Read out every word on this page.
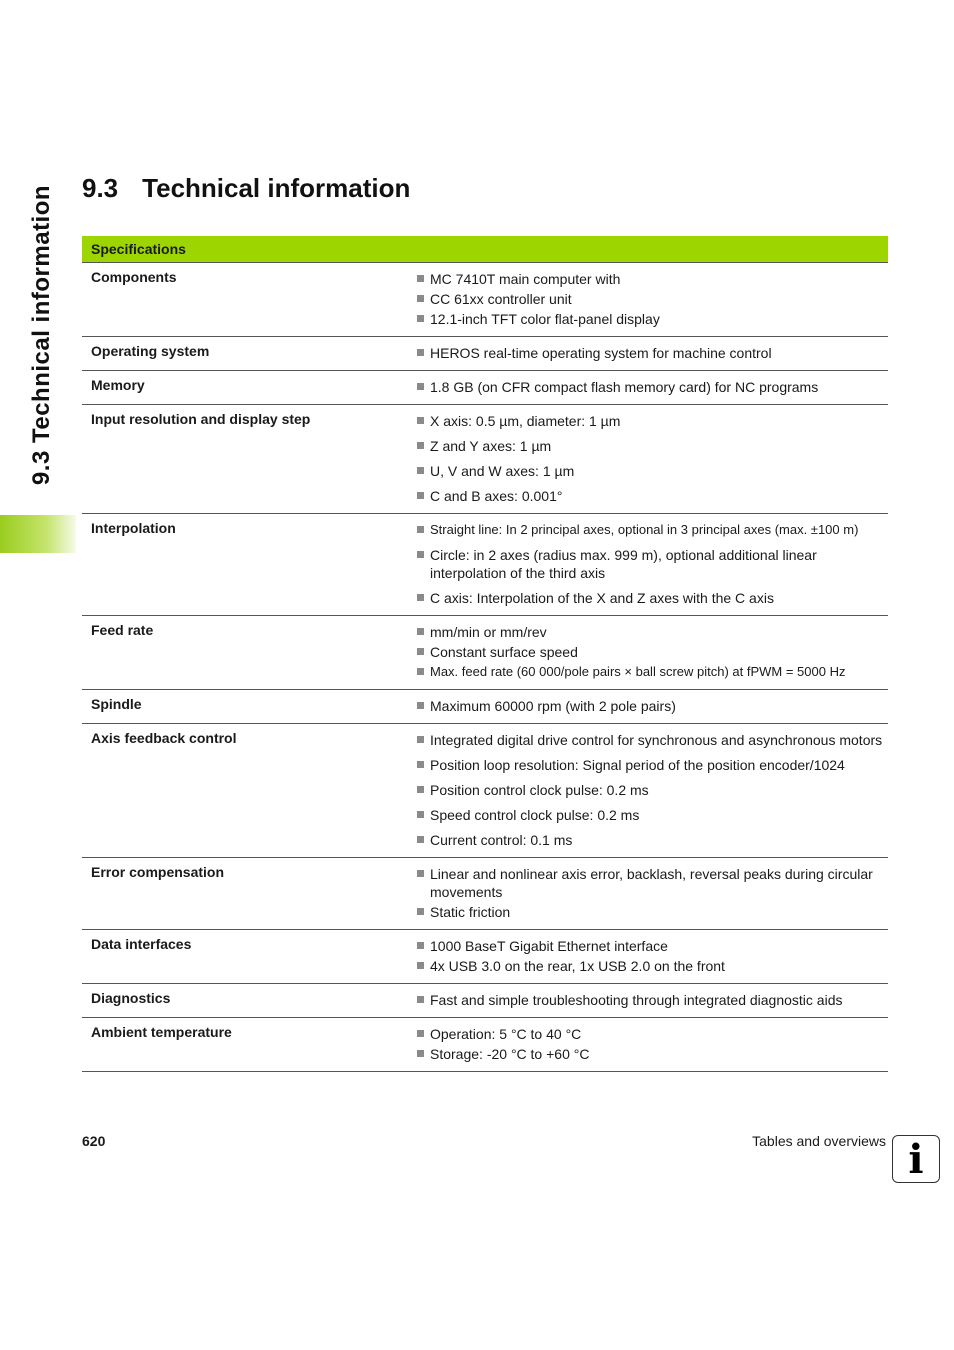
9.3 Technical information 9.3 Technical information
Specifications	
Components	MC 7410T main computer with
CC 61xx controller unit
12.1-inch TFT color flat-panel display

Operating system	HEROS real-time operating system for machine control

Memory	1.8 GB (on CFR compact flash memory card) for NC programs

Input resolution and display step	X axis: 0.5 µm, diameter: 1 µm
Z and Y axes: 1 µm
U, V and W axes: 1 µm
C and B axes: 0.001°

Interpolation	Straight line: In 2 principal axes, optional in 3 principal axes (max. ±100 m)
Circle: in 2 axes (radius max. 999 m), optional additional linear interpolation of the third axis
C axis: Interpolation of the X and Z axes with the C axis

Feed rate	mm/min or mm/rev
Constant surface speed
Max. feed rate (60 000/pole pairs × ball screw pitch) at fPWM = 5000 Hz

Spindle	Maximum 60000 rpm (with 2 pole pairs)

Axis feedback control	Integrated digital drive control for synchronous and asynchronous motors
Position loop resolution: Signal period of the position encoder/1024
Position control clock pulse: 0.2 ms
Speed control clock pulse: 0.2 ms
Current control: 0.1 ms

Error compensation	Linear and nonlinear axis error, backlash, reversal peaks during circular movements
Static friction

Data interfaces	1000 BaseT Gigabit Ethernet interface
4x USB 3.0 on the rear, 1x USB 2.0 on the front

Diagnostics	Fast and simple troubleshooting through integrated diagnostic aids

Ambient temperature	Operation: 5 °C to 40 °C
Storage: -20 °C to +60 °C
620	Tables and overviews i
